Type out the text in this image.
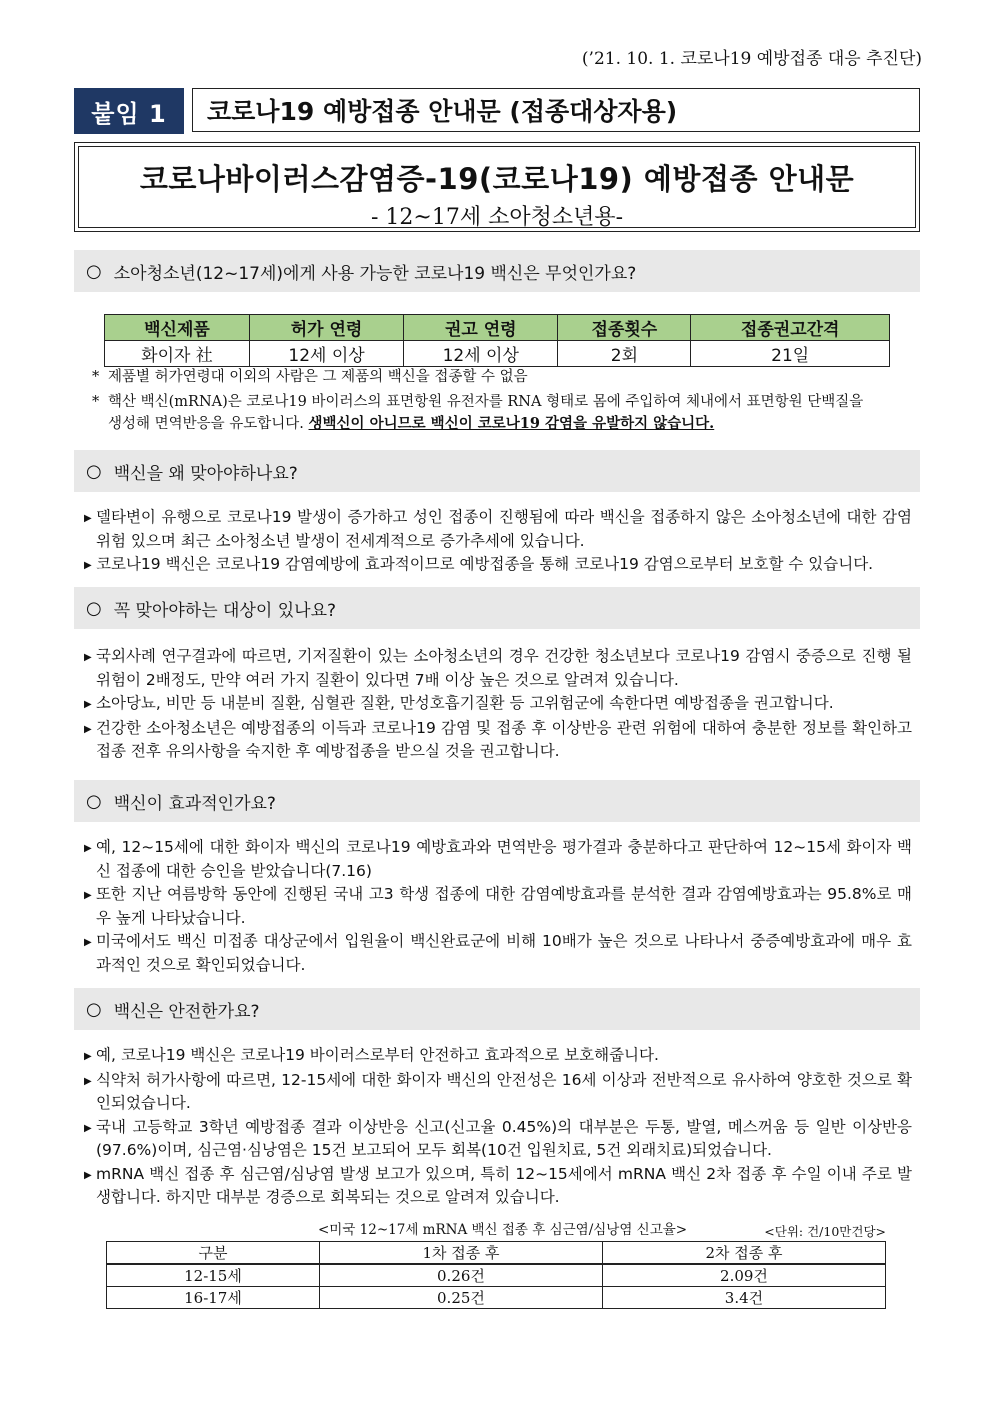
(’21. 10. 1. 코로나19 예방접종 대응 추진단)
붙임 1	코로나19 예방접종 안내문 (접종대상자용)
코로나바이러스감염증-19(코로나19) 예방접종 안내문
- 12~17세 소아청소년용-
○ 소아청소년(12~17세)에게 사용 가능한 코로나19 백신은 무엇인가요?
백신제품	허가 연령	권고 연령	접종횟수	접종권고간격
화이자 社	12세 이상	12세 이상	2회	21일
* 제품별 허가연령대 이외의 사람은 그 제품의 백신을 접종할 수 없음
* 핵산 백신(mRNA)은 코로나19 바이러스의 표면항원 유전자를 RNA 형태로 몸에 주입하여 체내에서 표면항원 단백질을
생성해 면역반응을 유도합니다. 생백신이 아니므로 백신이 코로나19 감염을 유발하지 않습니다.
○ 백신을 왜 맞아야하나요?
▶ 델타변이 유행으로 코로나19 발생이 증가하고 성인 접종이 진행됨에 따라 백신을 접종하지 않은 소아청소년에 대한 감염 위험 있으며 최근 소아청소년 발생이 전세계적으로 증가추세에 있습니다.
▶ 코로나19 백신은 코로나19 감염예방에 효과적이므로 예방접종을 통해 코로나19 감염으로부터 보호할 수 있습니다.
○ 꼭 맞아야하는 대상이 있나요?
▶ 국외사례 연구결과에 따르면, 기저질환이 있는 소아청소년의 경우 건강한 청소년보다 코로나19 감염시 중증으로 진행 될 위험이 2배정도, 만약 여러 가지 질환이 있다면 7배 이상 높은 것으로 알려져 있습니다.
▶ 소아당뇨, 비만 등 내분비 질환, 심혈관 질환, 만성호흡기질환 등 고위험군에 속한다면 예방접종을 권고합니다.
▶ 건강한 소아청소년은 예방접종의 이득과 코로나19 감염 및 접종 후 이상반응 관련 위험에 대하여 충분한 정보를 확인하고 접종 전후 유의사항을 숙지한 후 예방접종을 받으실 것을 권고합니다.
○ 백신이 효과적인가요?
▶ 예, 12~15세에 대한 화이자 백신의 코로나19 예방효과와 면역반응 평가결과 충분하다고 판단하여 12~15세 화이자 백신 접종에 대한 승인을 받았습니다(7.16)
▶ 또한 지난 여름방학 동안에 진행된 국내 고3 학생 접종에 대한 감염예방효과를 분석한 결과 감염예방효과는 95.8%로 매우 높게 나타났습니다.
▶ 미국에서도 백신 미접종 대상군에서 입원율이 백신완료군에 비해 10배가 높은 것으로 나타나서 중증예방효과에 매우 효과적인 것으로 확인되었습니다.
○ 백신은 안전한가요?
▶ 예, 코로나19 백신은 코로나19 바이러스로부터 안전하고 효과적으로 보호해줍니다.
▶ 식약처 허가사항에 따르면, 12-15세에 대한 화이자 백신의 안전성은 16세 이상과 전반적으로 유사하여 양호한 것으로 확인되었습니다.
▶ 국내 고등학교 3학년 예방접종 결과 이상반응 신고(신고율 0.45%)의 대부분은 두통, 발열, 메스꺼움 등 일반 이상반응(97.6%)이며, 심근염·심낭염은 15건 보고되어 모두 회복(10건 입원치료, 5건 외래치료)되었습니다.
▶ mRNA 백신 접종 후 심근염/심낭염 발생 보고가 있으며, 특히 12~15세에서 mRNA 백신 2차 접종 후 수일 이내 주로 발생합니다. 하지만 대부분 경증으로 회복되는 것으로 알려져 있습니다.
<미국 12~17세 mRNA 백신 접종 후 심근염/심낭염 신고율>	<단위: 건/10만건당>
구분	1차 접종 후	2차 접종 후
12-15세	0.26건	2.09건
16-17세	0.25건	3.4건
